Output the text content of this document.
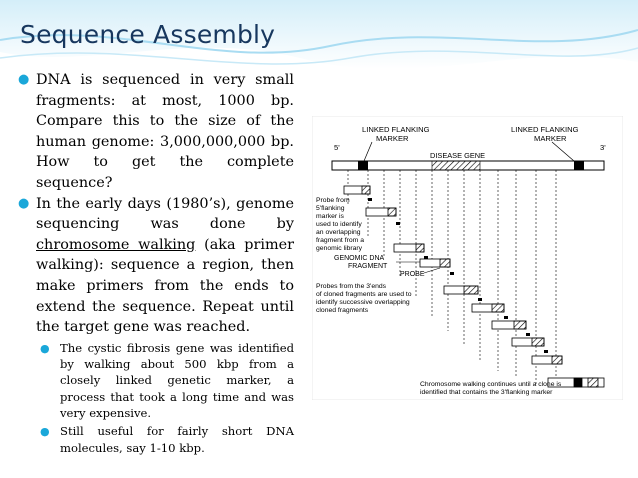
Sequence Assembly
● DNA is sequenced in very small fragments: at most, 1000 bp. Compare this to the size of the human genome: 3,000,000,000 bp. How to get the complete sequence?
● In the early days (1980’s), genome sequencing was done by chromosome walking (aka primer walking): sequence a region, then make primers from the ends to extend the sequence. Repeat until the target gene was reached.
● The cystic fibrosis gene was identified by walking about 500 kbp from a closely linked genetic marker, a process that took a long time and was very expensive.
● Still useful for fairly short DNA molecules, say 1-10 kbp.
LINKED FLANKING
MARKER
LINKED FLANKING
MARKER
5'	3'
DISEASE GENE
Probe from
5'flanking
marker is
used to identify
an overlapping
fragment from a
genomic library
GENOMIC DNA
FRAGMENT
PROBE
Probes from the 3'ends
of cloned fragments are used to
identify successive overlapping
cloned fragments
Chromosome walking continues until a clone is
identified that contains the 3'flanking marker
